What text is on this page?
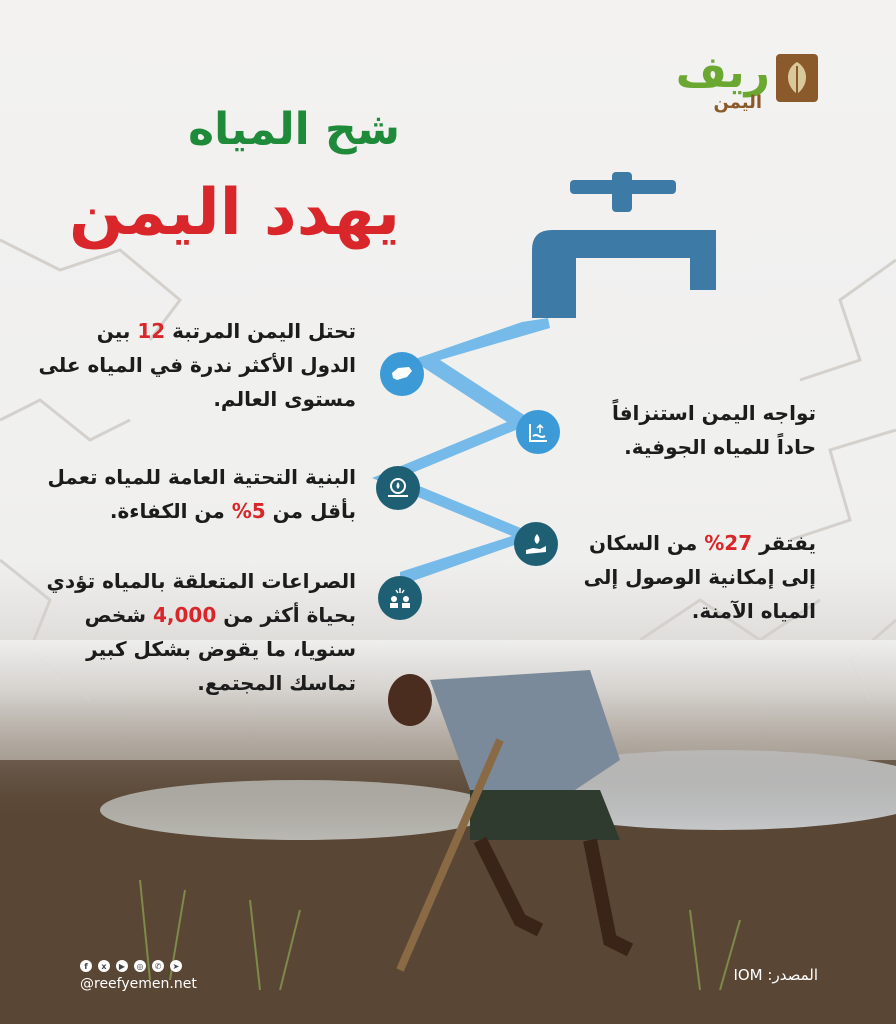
ريف
اليمن
شح المياه
يهدد اليمن
تحتل اليمن المرتبة 12 بين الدول الأكثر ندرة في المياه على مستوى العالم.
البنية التحتية العامة للمياه تعمل بأقل من 5% من الكفاءة.
الصراعات المتعلقة بالمياه تؤدي بحياة أكثر من 4,000 شخص سنويا، ما يقوض بشكل كبير تماسك المجتمع.
تواجه اليمن استنزافاً حاداً للمياه الجوفية.
يفتقر 27% من السكان إلى إمكانية الوصول إلى المياه الآمنة.
f	x	▶	◎	✆	➤
@reefyemen.net	المصدر: IOM
